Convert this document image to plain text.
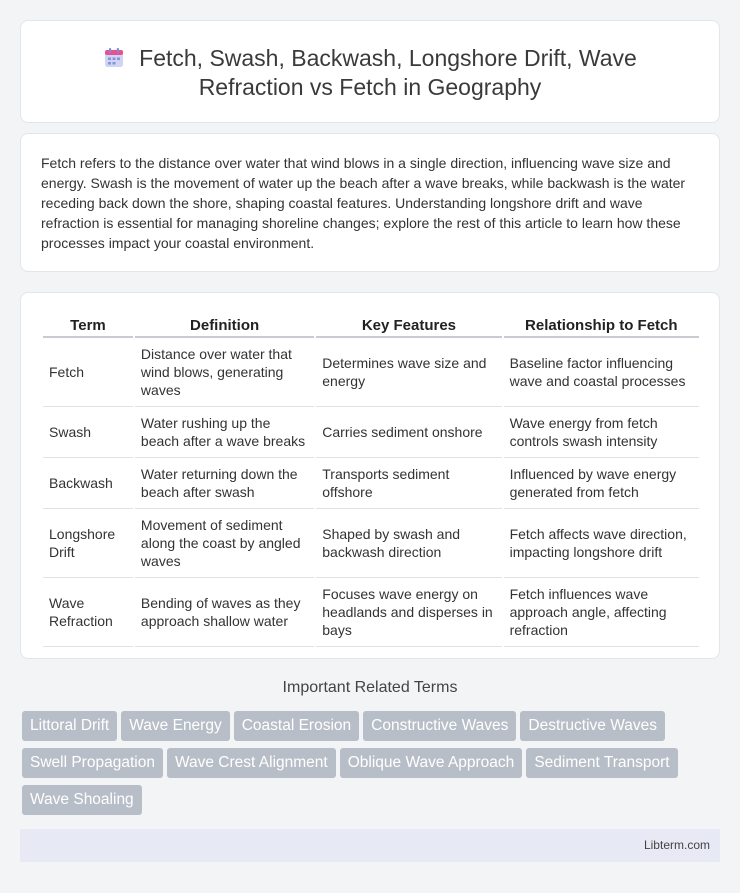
Fetch, Swash, Backwash, Longshore Drift, Wave
Refraction vs Fetch in Geography

Fetch refers to the distance over water that wind blows in a single direction, influencing wave size and energy. Swash is the movement of water up the beach after a wave breaks, while backwash is the water receding back down the shore, shaping coastal features. Understanding longshore drift and wave refraction is essential for managing shoreline changes; explore the rest of this article to learn how these processes impact your coastal environment.

Term	Definition	Key Features	Relationship to Fetch
Fetch	Distance over water that wind blows, generating waves	Determines wave size and energy	Baseline factor influencing wave and coastal processes
Swash	Water rushing up the beach after a wave breaks	Carries sediment onshore	Wave energy from fetch controls swash intensity
Backwash	Water returning down the beach after swash	Transports sediment offshore	Influenced by wave energy generated from fetch
Longshore Drift	Movement of sediment along the coast by angled waves	Shaped by swash and backwash direction	Fetch affects wave direction, impacting longshore drift
Wave Refraction	Bending of waves as they approach shallow water	Focuses wave energy on headlands and disperses in bays	Fetch influences wave approach angle, affecting refraction
Important Related Terms
Littoral Drift Wave Energy Coastal Erosion Constructive Waves Destructive WavesSwell Propagation Wave Crest Alignment Oblique Wave Approach Sediment TransportWave Shoaling
Libterm.com
